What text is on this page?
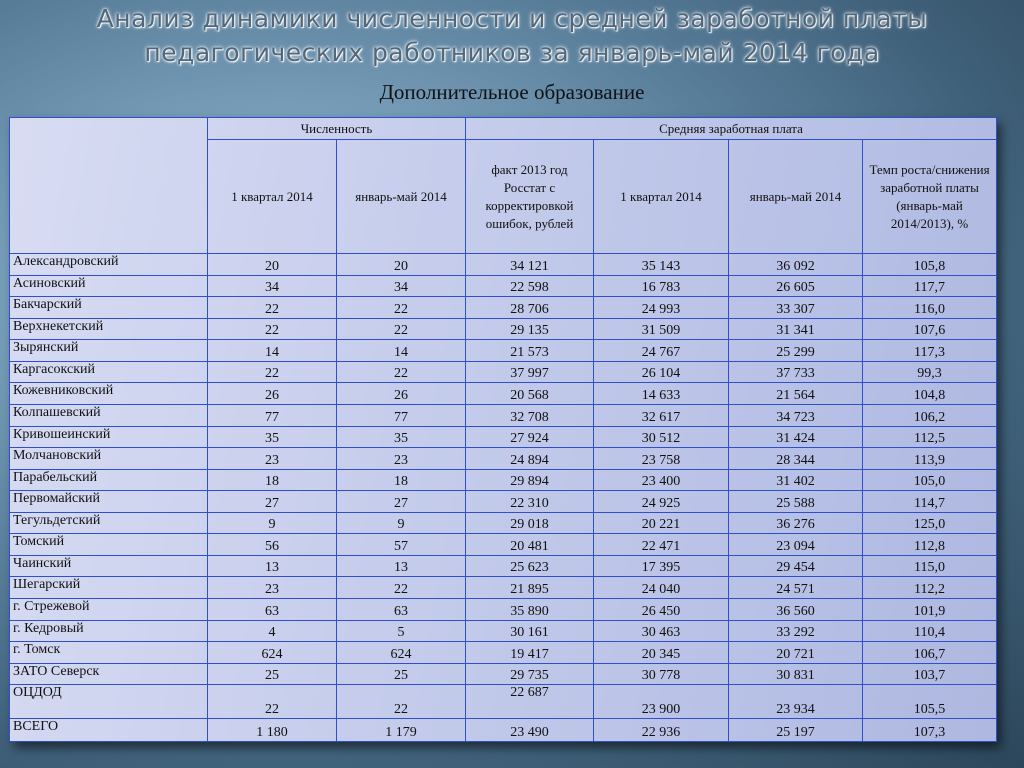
Анализ динамики численности и средней заработной платы
педагогических работников за январь-май 2014 года
Дополнительное образование
	Численность		Средняя заработная плата			
	1 квартал 2014	январь-май 2014	факт 2013 год Росстат с корректировкой ошибок, рублей	1 квартал 2014	январь-май 2014	Темп роста/снижения заработной платы (январь-май 2014/2013), %
Александровский	20	20	34 121	35 143	36 092	105,8
Асиновский	34	34	22 598	16 783	26 605	117,7
Бакчарский	22	22	28 706	24 993	33 307	116,0
Верхнекетский	22	22	29 135	31 509	31 341	107,6
Зырянский	14	14	21 573	24 767	25 299	117,3
Каргасокский	22	22	37 997	26 104	37 733	99,3
Кожевниковский	26	26	20 568	14 633	21 564	104,8
Колпашевский	77	77	32 708	32 617	34 723	106,2
Кривошеинский	35	35	27 924	30 512	31 424	112,5
Молчановский	23	23	24 894	23 758	28 344	113,9
Парабельский	18	18	29 894	23 400	31 402	105,0
Первомайский	27	27	22 310	24 925	25 588	114,7
Тегульдетский	9	9	29 018	20 221	36 276	125,0
Томский	56	57	20 481	22 471	23 094	112,8
Чаинский	13	13	25 623	17 395	29 454	115,0
Шегарский	23	22	21 895	24 040	24 571	112,2
г. Стрежевой	63	63	35 890	26 450	36 560	101,9
г. Кедровый	4	5	30 161	30 463	33 292	110,4
г. Томск	624	624	19 417	20 345	20 721	106,7
ЗАТО Северск	25	25	29 735	30 778	30 831	103,7
ОЦДОД	22	22	22 687	23 900	23 934	105,5
ВСЕГО	1 180	1 179	23 490	22 936	25 197	107,3
